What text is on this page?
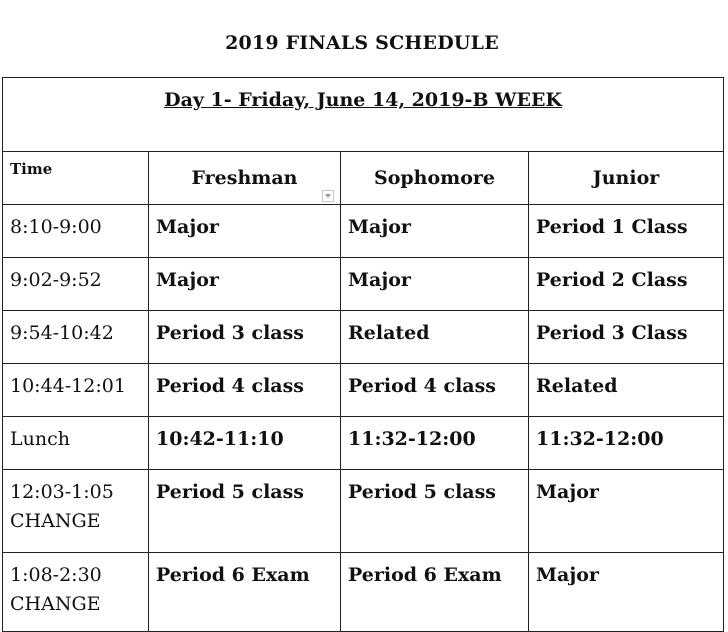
2019 FINALS SCHEDULE
Day 1- Friday, June 14, 2019-B WEEK			
Time	Freshman	Sophomore	Junior
8:10-9:00	Major	Major	Period 1 Class
9:02-9:52	Major	Major	Period 2 Class
9:54-10:42	Period 3 class	Related	Period 3 Class
10:44-12:01	Period 4 class	Period 4 class	Related
Lunch	10:42-11:10	11:32-12:00	11:32-12:00
12:03-1:05
CHANGE	Period 5 class	Period 5 class	Major
1:08-2:30
CHANGE	Period 6 Exam	Period 6 Exam	Major
